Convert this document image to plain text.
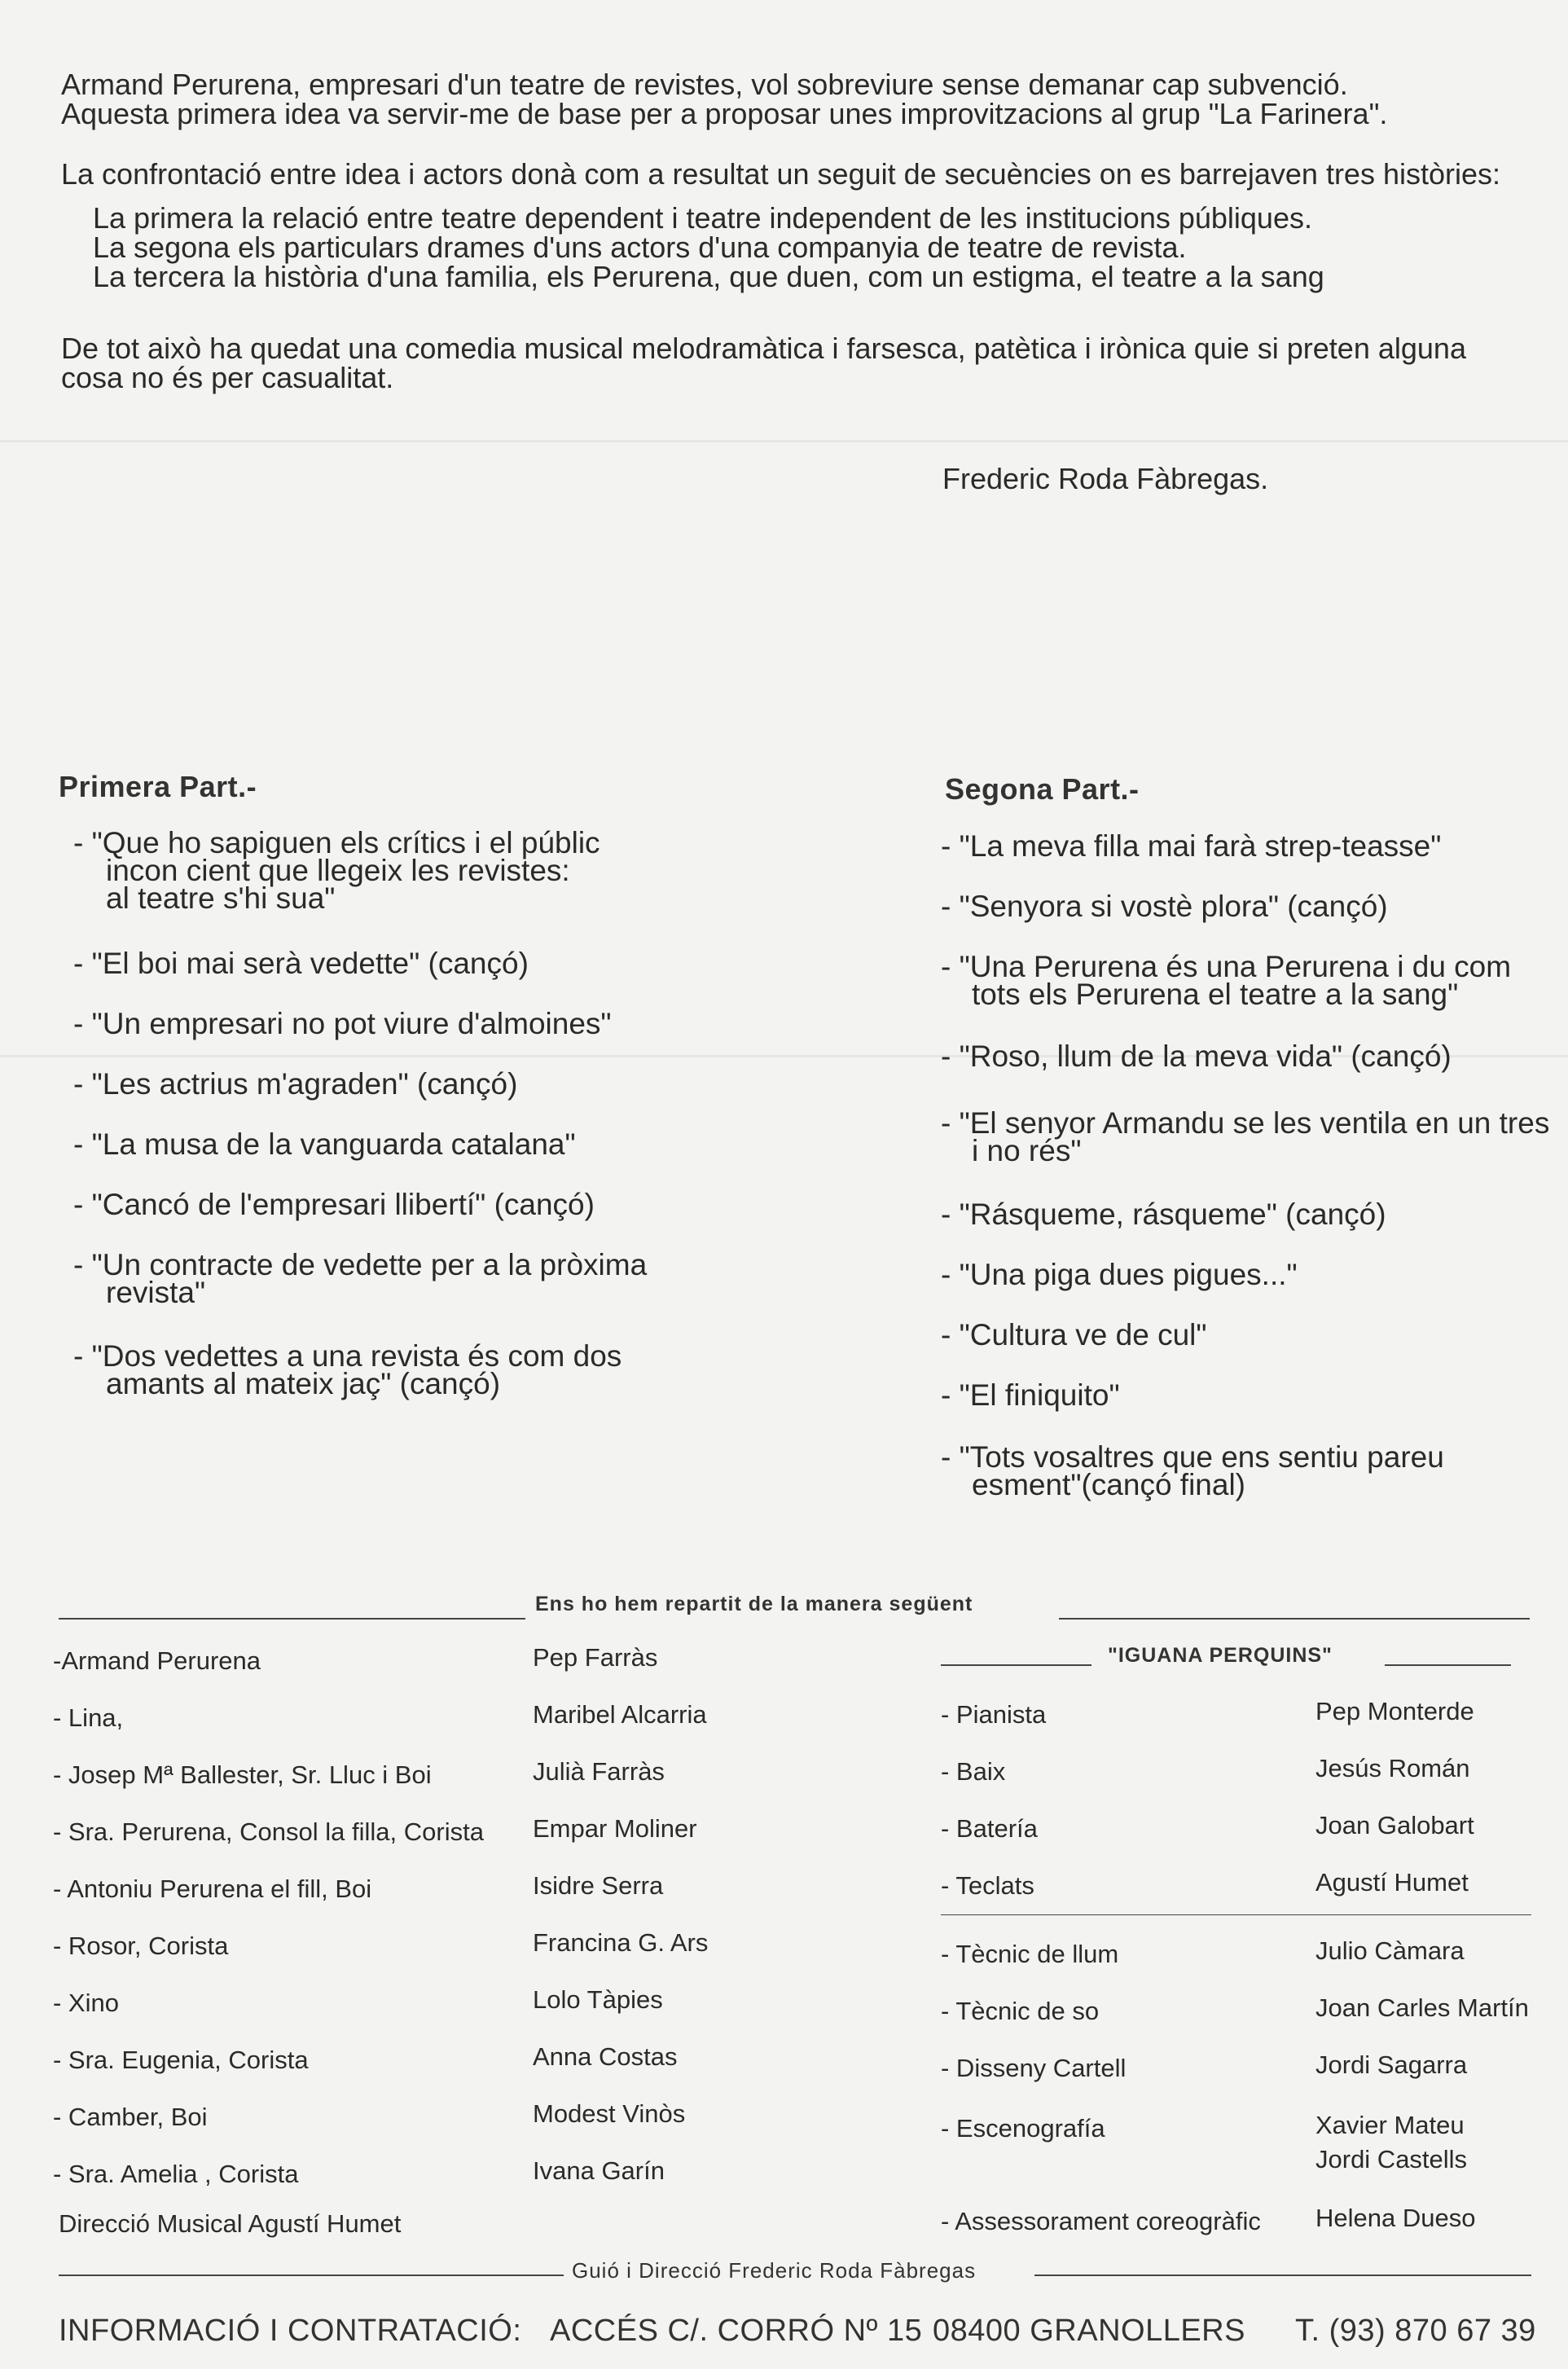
Armand Perurena, empresari d'un teatre de revistes, vol sobreviure sense demanar cap subvenció.
Aquesta primera idea va servir-me de base per a proposar unes improvitzacions al grup "La Farinera".
La confrontació entre idea i actors donà com a resultat un seguit de secuències on es barrejaven tres històries:
La primera la relació entre teatre dependent i teatre independent de les institucions públiques.
La segona els particulars drames d'uns actors d'una companyia de teatre de revista.
La tercera la història d'una familia, els Perurena, que duen, com un estigma, el teatre a la sang
De tot això ha quedat una comedia musical melodramàtica i farsesca, patètica i irònica quie si preten alguna
cosa no és per casualitat.
Frederic Roda Fàbregas.
Primera Part.-	Segona Part.-
- "Que ho sapiguen els crítics i el públic
incon cient que llegeix les revistes:
al teatre s'hi sua"
- "El boi mai serà vedette" (cançó)
- "Un empresari no pot viure d'almoines"
- "Les actrius m'agraden" (cançó)
- "La musa de la vanguarda catalana"
- "Cancó de l'empresari llibertí" (cançó)
- "Un contracte de vedette per a la pròxima
revista"
- "Dos vedettes a una revista és com dos
amants al mateix jaç" (cançó)
- "La meva filla mai farà strep-teasse"
- "Senyora si vostè plora" (cançó)
- "Una Perurena és una Perurena i du com
tots els Perurena el teatre a la sang"
- "Roso, llum de la meva vida" (cançó)
- "El senyor Armandu se les ventila en un tres
i no rés"
- "Rásqueme, rásqueme" (cançó)
- "Una piga dues pigues..."
- "Cultura ve de cul"
- "El finiquito"
- "Tots vosaltres que ens sentiu pareu
esment"(cançó final)
Ens ho hem repartit de la manera següent
"IGUANA PERQUINS"
-Armand Perurena	Pep Farràs
- Lina,	Maribel Alcarria
- Josep Mª Ballester, Sr. Lluc i Boi	Julià Farràs
- Sra. Perurena, Consol la filla, Corista Empar Moliner
- Antoniu Perurena el fill, Boi	Isidre Serra
- Rosor, Corista	Francina G. Ars
- Xino	Lolo Tàpies
- Sra. Eugenia, Corista	Anna Costas
- Camber, Boi	Modest Vinòs
- Sra. Amelia , Corista	Ivana Garín
- Pianista	Pep Monterde
- Baix	Jesús Román
- Batería	Joan Galobart
- Teclats	Agustí Humet
- Tècnic de llum	Julio Càmara
- Tècnic de so	Joan Carles Martín
- Disseny Cartell	Jordi Sagarra
- Escenografía	Xavier Mateu
Jordi Castells
- Assessorament coreogràfic Helena Dueso
Direcció Musical Agustí Humet
Guió i Direcció Frederic Roda Fàbregas
INFORMACIÓ I CONTRATACIÓ: ACCÉS C/. CORRÓ Nº 15 08400 GRANOLLERS T. (93) 870 67 39
